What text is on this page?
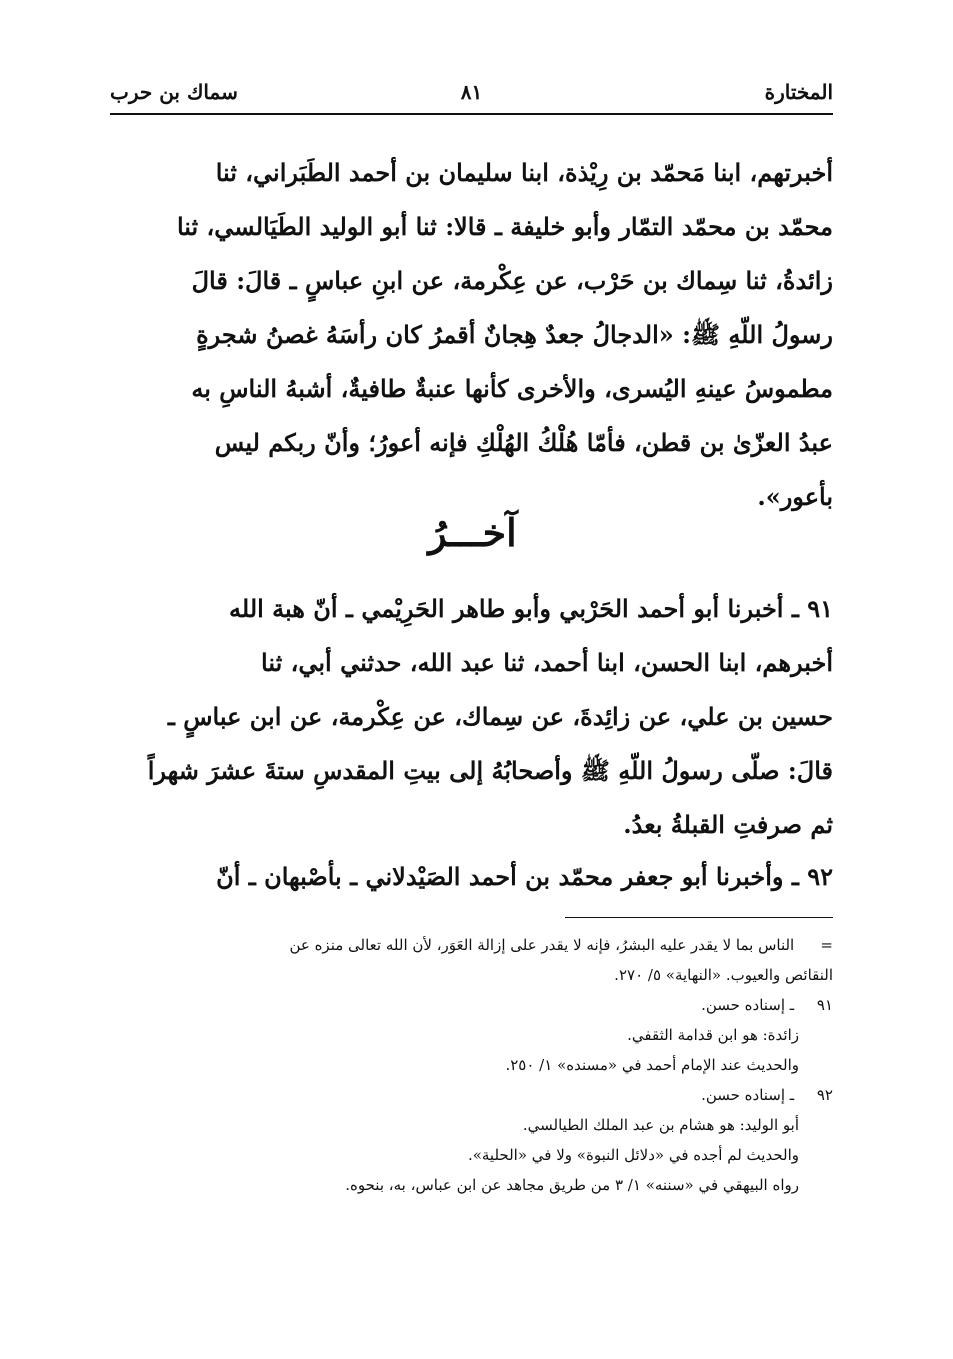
سماك بن حرب	٨١	المختارة
أخبرتهم، ابنا مَحمّد بن رِيْذة، ابنا سليمان بن أحمد الطَبَراني، ثنا
محمّد بن محمّد التمّار وأبو خليفة ـ قالا: ثنا أبو الوليد الطَيَالسي، ثنا
زائدةُ، ثنا سِماك بن حَرْب، عن عِكْرمة، عن ابنِ عباسٍ ـ قالَ: قالَ
رسولُ اللّهِ ﷺ: «الدجالُ جعدٌ هِجانٌ أقمرُ كان رأسَهُ غصنُ شجرةٍ
مطموسُ عينهِ اليُسرى، والأخرى كأنها عنبةٌ طافيةٌ، أشبهُ الناسِ به
عبدُ العزّىٰ بن قطن، فأمّا هُلْكُ الهُلْكِ فإنه أعورُ؛ وأنّ ربكم ليس
بأعور».
آخـــرُ
٩١ ـ أخبرنا أبو أحمد الحَرْبي وأبو طاهر الحَرِيْمي ـ أنّ هبة الله
أخبرهم، ابنا الحسن، ابنا أحمد، ثنا عبد الله، حدثني أبي، ثنا
حسين بن علي، عن زائِدةَ، عن سِماك، عن عِكْرمة، عن ابن عباسٍ ـ
قالَ: صلّى رسولُ اللّهِ ﷺ وأصحابُهُ إلى بيتِ المقدسِ ستةَ عشرَ شهراً
ثم صرفتِ القبلةُ بعدُ.
٩٢ ـ وأخبرنا أبو جعفر محمّد بن أحمد الصَيْدلاني ـ بأصْبهان ـ أنّ
= الناس بما لا يقدر عليه البشرُ، فإنه لا يقدر على إزالة العَوَر، لأن الله تعالى منزه عن
النقائص والعيوب. «النهاية» ٥/ ٢٧٠.
٩١ ـ إسناده حسن.
زائدة: هو ابن قدامة الثقفي.
والحديث عند الإمام أحمد في «مسنده» ١/ ٢٥٠.
٩٢ ـ إسناده حسن.
أبو الوليد: هو هشام بن عبد الملك الطيالسي.
والحديث لم أجده في «دلائل النبوة» ولا في «الحلية».
رواه البيهقي في «سننه» ١/ ٣ من طريق مجاهد عن ابن عباس، به، بنحوه.
